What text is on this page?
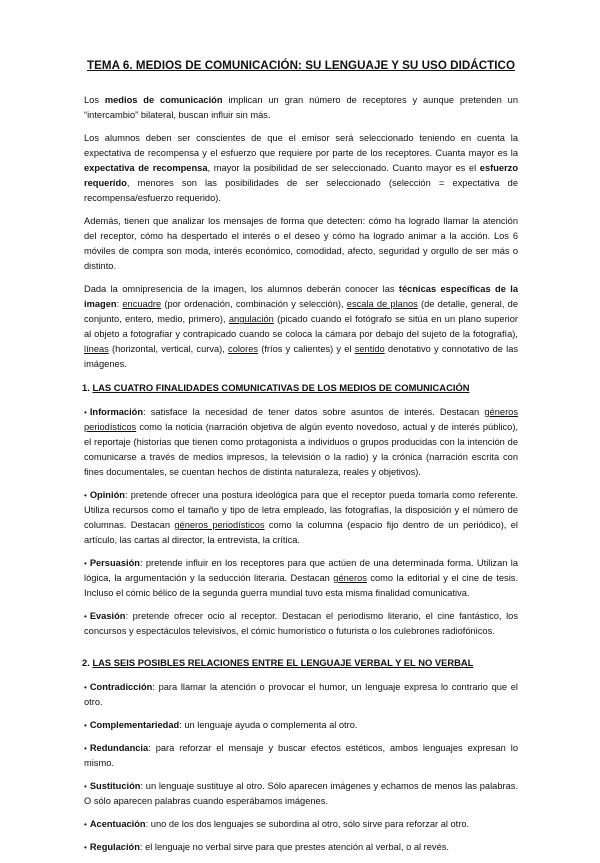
TEMA 6. MEDIOS DE COMUNICACIÓN: SU LENGUAJE Y SU USO DIDÁCTICO

Los medios de comunicación implican un gran número de receptores y aunque pretenden un “intercambio” bilateral, buscan influir sin más.

Los alumnos deben ser conscientes de que el emisor será seleccionado teniendo en cuenta la expectativa de recompensa y el esfuerzo que requiere por parte de los receptores. Cuanta mayor es la expectativa de recompensa, mayor la posibilidad de ser seleccionado. Cuanto mayor es el esfuerzo requerido, menores son las posibilidades de ser seleccionado (selección = expectativa de recompensa/esfuerzo requerido).

Además, tienen que analizar los mensajes de forma que detecten: cómo ha logrado llamar la atención del receptor, cómo ha despertado el interés o el deseo y cómo ha logrado animar a la acción. Los 6 móviles de compra son moda, interés económico, comodidad, afecto, seguridad y orgullo de ser más o distinto.

Dada la omnipresencia de la imagen, los alumnos deberán conocer las técnicas específicas de la imagen: encuadre (por ordenación, combinación y selección), escala de planos (de detalle, general, de conjunto, entero, medio, primero), angulación (picado cuando el fotógrafo se sitúa en un plano superior al objeto a fotografiar y contrapicado cuando se coloca la cámara por debajo del sujeto de la fotografía), líneas (horizontal, vertical, curva), colores (fríos y calientes) y el sentido denotativo y connotativo de las imágenes.

1. LAS CUATRO FINALIDADES COMUNICATIVAS DE LOS MEDIOS DE COMUNICACIÓN

• Información: satisface la necesidad de tener datos sobre asuntos de interés. Destacan géneros periodísticos como la noticia (narración objetiva de algún evento novedoso, actual y de interés público), el reportaje (historias que tienen como protagonista a individuos o grupos producidas con la intención de comunicarse a través de medios impresos, la televisión o la radio) y la crónica (narración escrita con fines documentales, se cuentan hechos de distinta naturaleza, reales y objetivos).

• Opinión: pretende ofrecer una postura ideológica para que el receptor pueda tomarla como referente. Utiliza recursos como el tamaño y tipo de letra empleado, las fotografías, la disposición y el número de columnas. Destacan géneros periodísticos como la columna (espacio fijo dentro de un periódico), el artículo, las cartas al director, la entrevista, la crítica.

• Persuasión: pretende influir en los receptores para que actúen de una determinada forma. Utilizan la lógica, la argumentación y la seducción literaria. Destacan géneros como la editorial y el cine de tesis. Incluso el cómic bélico de la segunda guerra mundial tuvo esta misma finalidad comunicativa.

• Evasión: pretende ofrecer ocio al receptor. Destacan el periodismo literario, el cine fantástico, los concursos y espectáculos televisivos, el cómic humorístico o futurista o los culebrones radiofónicos.

2. LAS SEIS POSIBLES RELACIONES ENTRE EL LENGUAJE VERBAL Y EL NO VERBAL

• Contradicción: para llamar la atención o provocar el humor, un lenguaje expresa lo contrario que el otro.

• Complementariedad: un lenguaje ayuda o complementa al otro.

• Redundancia: para reforzar el mensaje y buscar efectos estéticos, ambos lenguajes expresan lo mismo.

• Sustitución: un lenguaje sustituye al otro. Sólo aparecen imágenes y echamos de menos las palabras. O sólo aparecen palabras cuando esperábamos imágenes.

• Acentuación: uno de los dos lenguajes se subordina al otro, sólo sirve para reforzar al otro.

• Regulación: el lenguaje no verbal sirve para que prestes atención al verbal, o al revés.
